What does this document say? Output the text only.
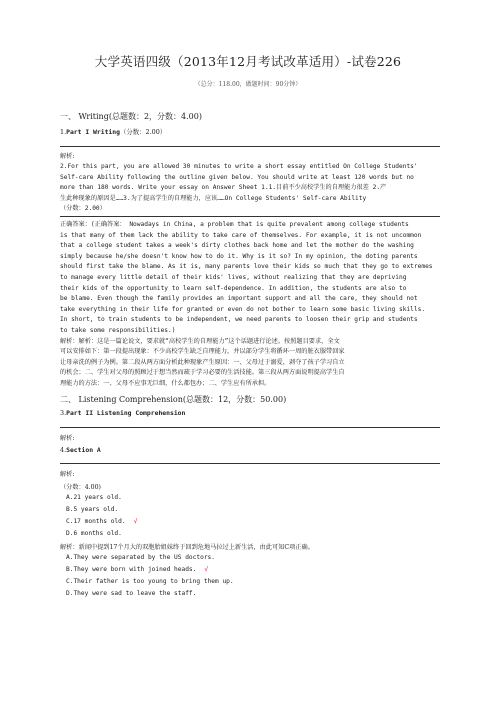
大学英语四级（2013年12月考试改革适用）-试卷226
（总分：118.00，做题时间：90分钟）
一、 Writing(总题数：2，分数：4.00)
1.Part I Writing（分数：2.00）
解析:
2.For this part, you are allowed 30 minutes to write a short essay entitled On College Students'
Self-care Ability following the outline given below. You should write at least 120 words but no
more than 180 words. Write your essay on Answer Sheet 1.1.目前不少高校学生的自理能力很差 2.产
生此种现象的原因是……3.为了提高学生的自理能力，应该……On College Students' Self-care Ability
（分数：2.00）
正确答案：(正确答案： Nowadays in China, a problem that is quite prevalent among college students
is that many of them lack the ability to take care of themselves. For example, it is not uncommon
that a college student takes a week's dirty clothes back home and let the mother do the washing
simply because he/she doesn't know how to do it. Why is it so? In my opinion, the doting parents
should first take the blame. As it is, many parents love their kids so much that they go to extremes
to manage every little detail of their kids' lives, without realizing that they are depriving
their kids of the opportunity to learn self-dependence. In addition, the students are also to
be blame. Even though the family provides an important support and all the care, they should not
take everything in their life for granted or even do not bother to learn some basic living skills.
In short, to train students to be independent, we need parents to loosen their grip and students
to take some responsibilities.)
解析：解析：这是一篇论说文，要求就“高校学生的自理能力”这个话题进行论述。按照题目要求，全文
可以安排如下：第一段提出现象：不少高校学生缺乏自理能力，并以部分学生将循环一周的脏衣服带回家
让母亲洗的例子为例。第二段从两方面分析此种现象产生原因：一、父母过于溺爱，剥夺了孩子学习自立
的机会；二、学生对父母的照顾过于想当然而疏于学习必要的生活技能。第三段从两方面说明提高学生自
理能力的方法：一、父母不应事无巨细，什么都包办；二、学生应有所承担。
二、 Listening Comprehension(总题数：12，分数：50.00)
3.Part II Listening Comprehension
解析:
4.Section A
解析:
（分数：4.00)
A.21 years old.
B.5 years old.
C.17 months old. √
D.6 months old.
解析：新闻中提到17个月大的双胞胎姐妹终于回到危地马拉过上新生活，由此可知C项正确。
A.They were separated by the US doctors.
B.They were born with joined heads. √
C.Their father is too young to bring them up.
D.They were sad to leave the staff.
